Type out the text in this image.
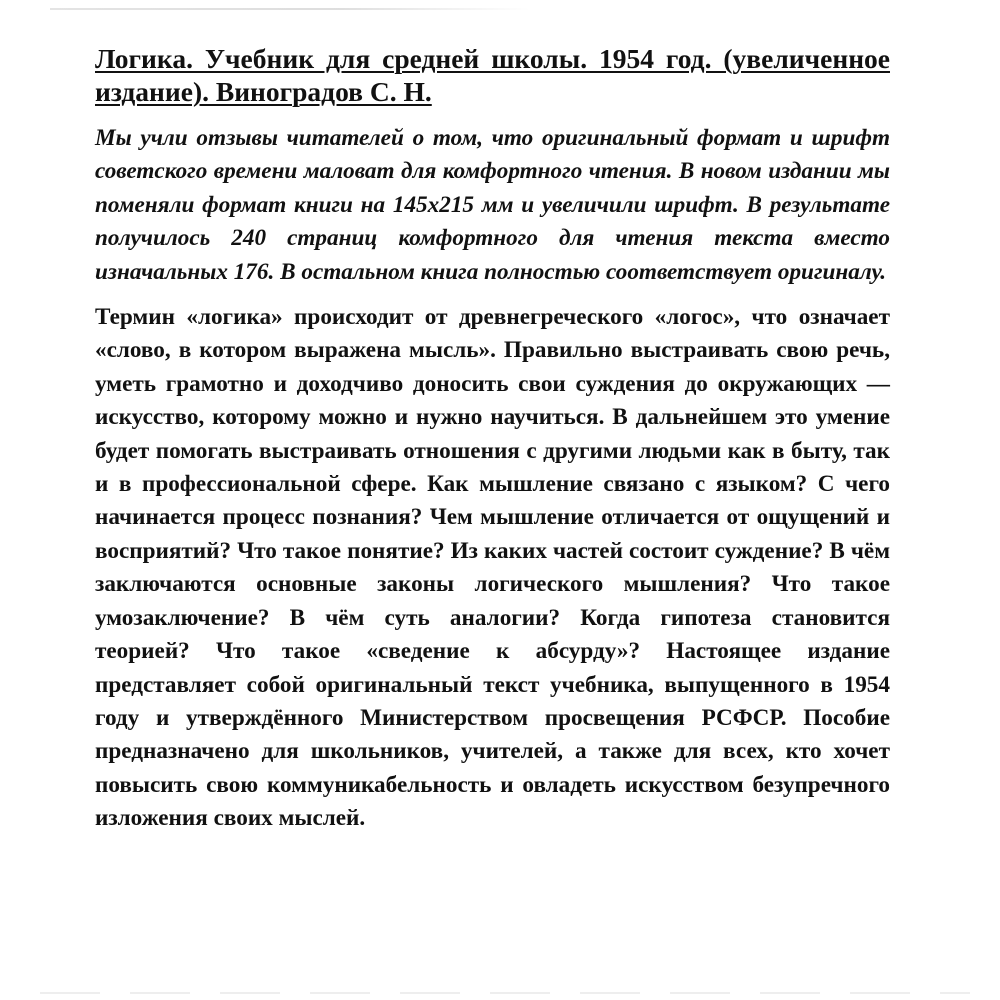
Логика. Учебник для средней школы. 1954 год. (увеличенное издание). Виноградов С. Н.

Мы учли отзывы читателей о том, что оригинальный формат и шрифт советского времени маловат для комфортного чтения. В новом издании мы поменяли формат книги на 145х215 мм и увеличили шрифт. В результате получилось 240 страниц комфортного для чтения текста вместо изначальных 176. В остальном книга полностью соответствует оригиналу.

Термин «логика» происходит от древнегреческого «логос», что означает «слово, в котором выражена мысль». Правильно выстраивать свою речь, уметь грамотно и доходчиво доносить свои суждения до окружающих — искусство, которому можно и нужно научиться. В дальнейшем это умение будет помогать выстраивать отношения с другими людьми как в быту, так и в профессиональной сфере. Как мышление связано с языком? С чего начинается процесс познания? Чем мышление отличается от ощущений и восприятий? Что такое понятие? Из каких частей состоит суждение? В чём заключаются основные законы логического мышления? Что такое умозаключение? В чём суть аналогии? Когда гипотеза становится теорией? Что такое «сведение к абсурду»? Настоящее издание представляет собой оригинальный текст учебника, выпущенного в 1954 году и утверждённого Министерством просвещения РСФСР. Пособие предназначено для школьников, учителей, а также для всех, кто хочет повысить свою коммуникабельность и овладеть искусством безупречного изложения своих мыслей.
